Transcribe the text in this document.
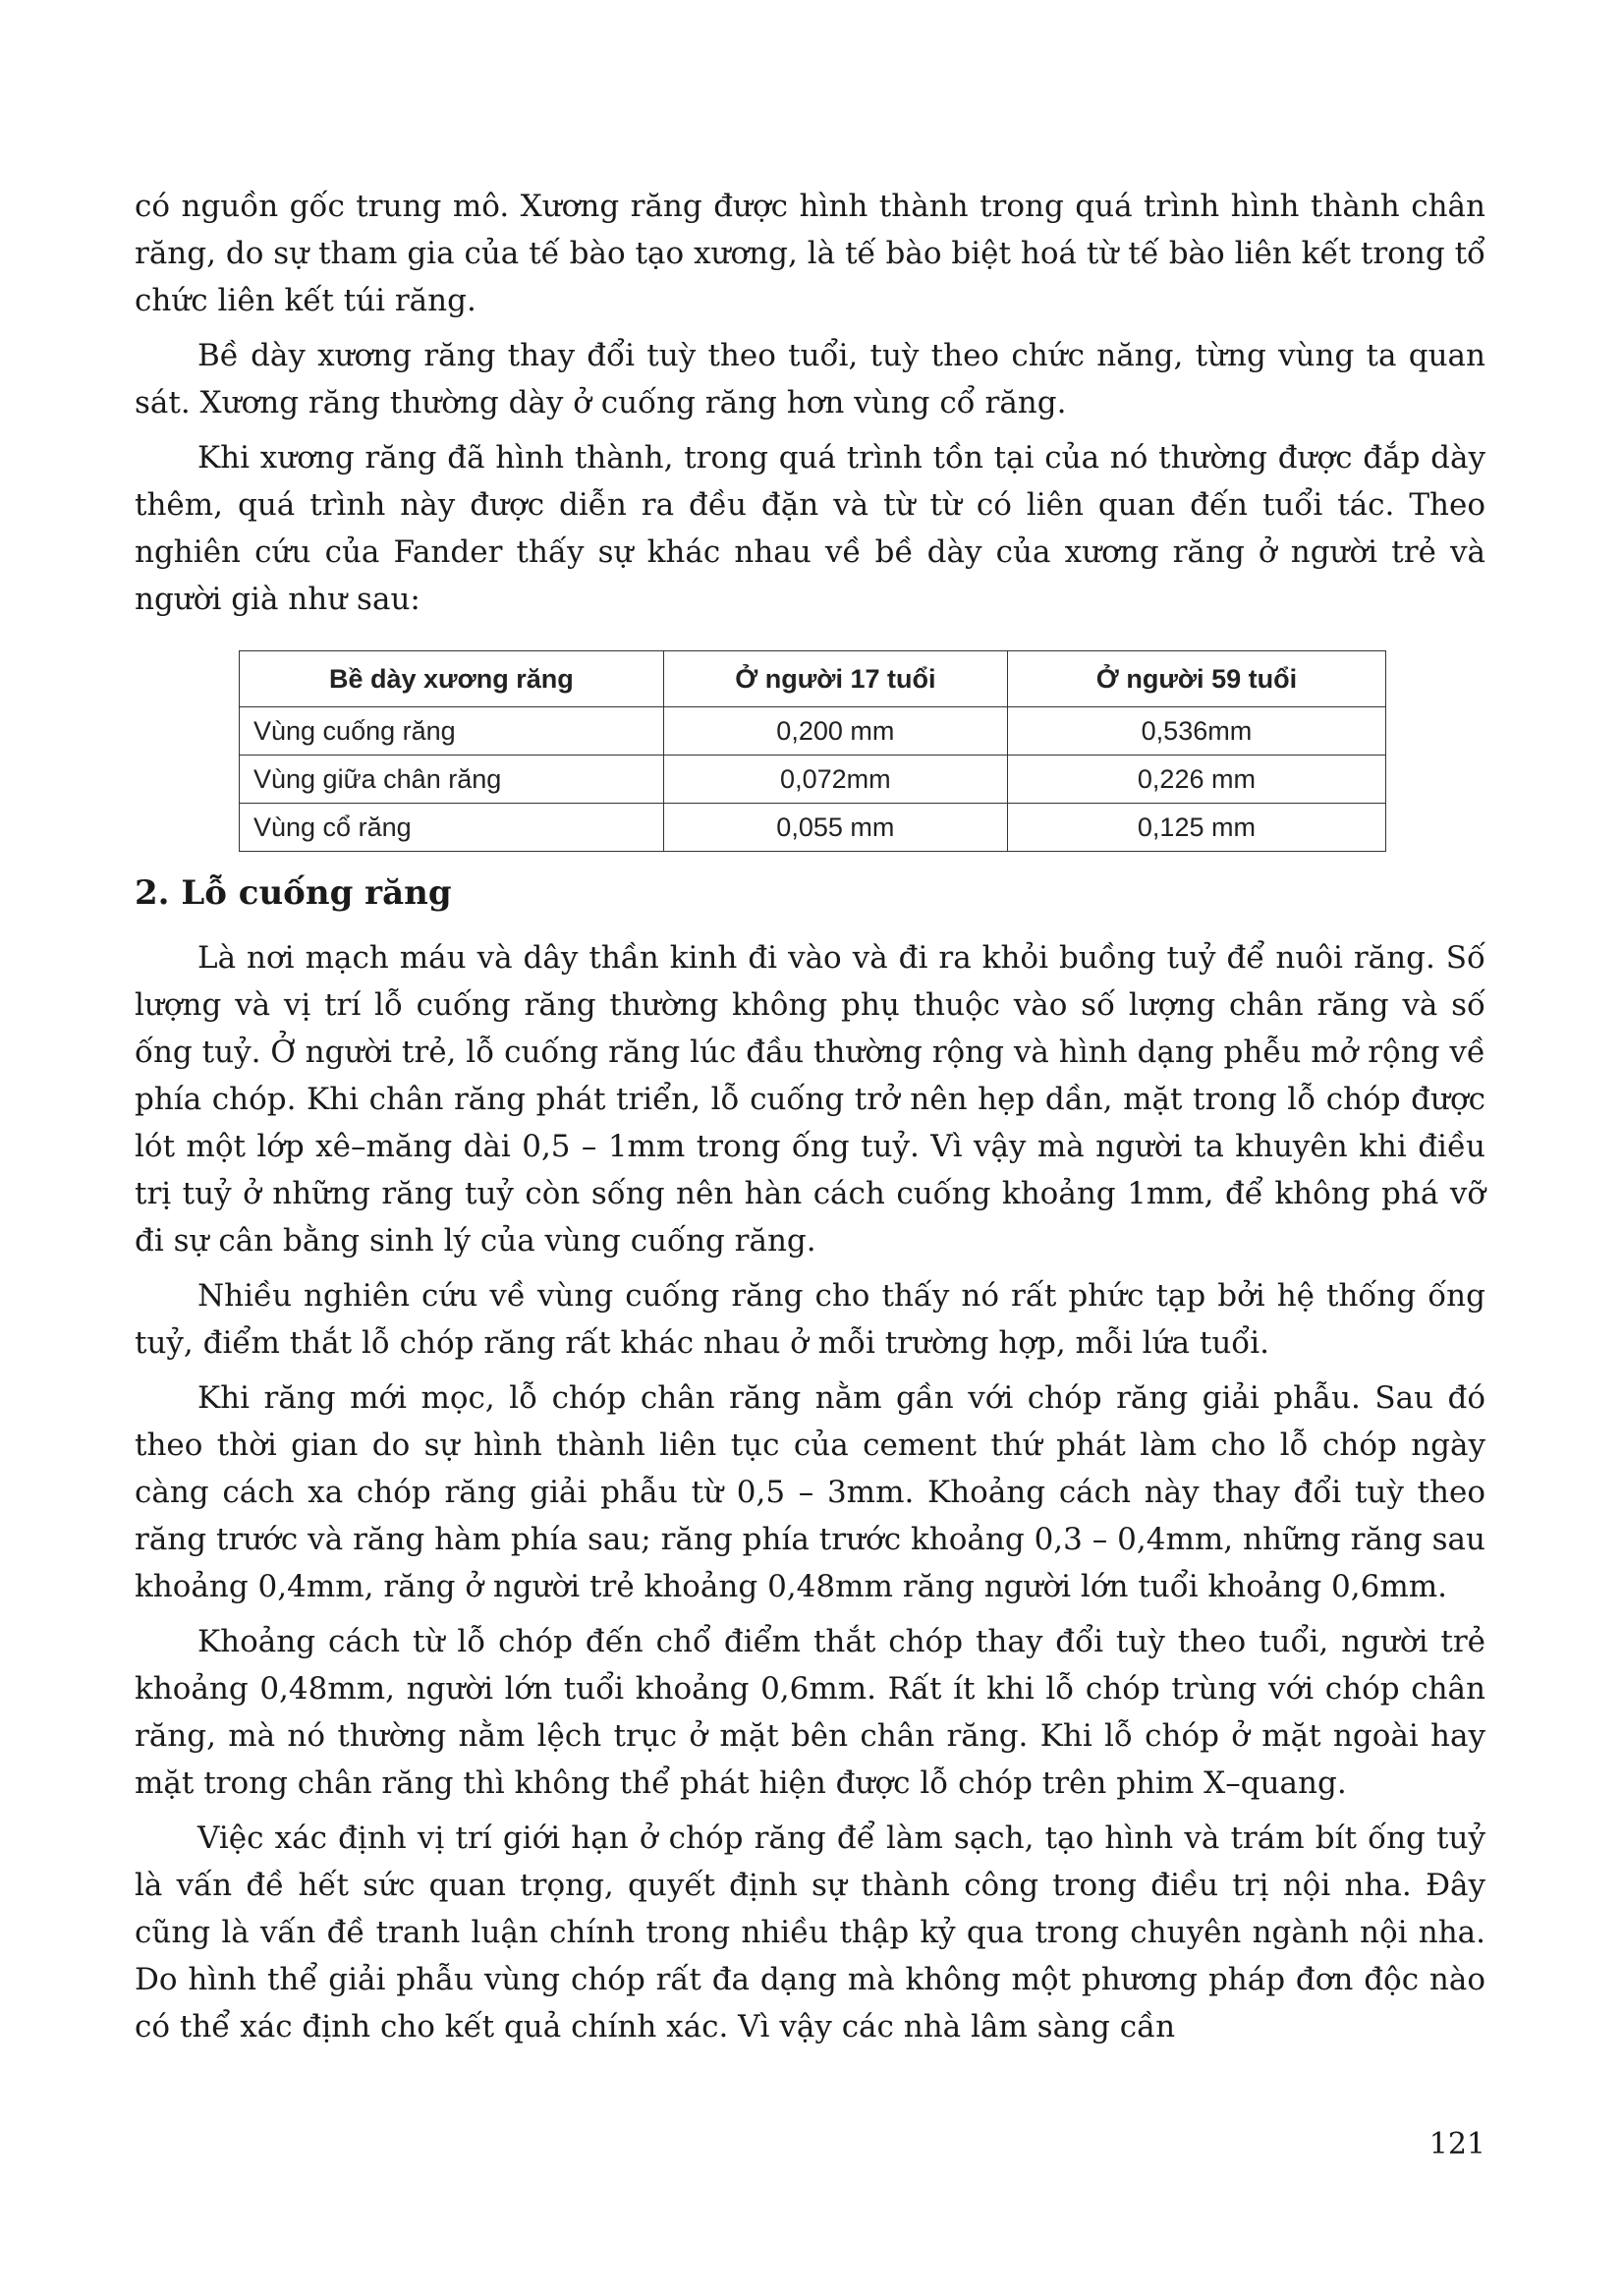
có nguồn gốc trung mô. Xương răng được hình thành trong quá trình hình thành chân răng, do sự tham gia của tế bào tạo xương, là tế bào biệt hoá từ tế bào liên kết trong tổ chức liên kết túi răng.

Bề dày xương răng thay đổi tuỳ theo tuổi, tuỳ theo chức năng, từng vùng ta quan sát. Xương răng thường dày ở cuống răng hơn vùng cổ răng.

Khi xương răng đã hình thành, trong quá trình tồn tại của nó thường được đắp dày thêm, quá trình này được diễn ra đều đặn và từ từ có liên quan đến tuổi tác. Theo nghiên cứu của Fander thấy sự khác nhau về bề dày của xương răng ở người trẻ và người già như sau:

Bề dày xương răng	Ở người 17 tuổi	Ở người 59 tuổi
Vùng cuống răng	0,200 mm	0,536mm
Vùng giữa chân răng	0,072mm	0,226 mm
Vùng cổ răng	0,055 mm	0,125 mm
2. Lỗ cuống răng

Là nơi mạch máu và dây thần kinh đi vào và đi ra khỏi buồng tuỷ để nuôi răng. Số lượng và vị trí lỗ cuống răng thường không phụ thuộc vào số lượng chân răng và số ống tuỷ. Ở người trẻ, lỗ cuống răng lúc đầu thường rộng và hình dạng phễu mở rộng về phía chóp. Khi chân răng phát triển, lỗ cuống trở nên hẹp dần, mặt trong lỗ chóp được lót một lớp xê–măng dài 0,5 – 1mm trong ống tuỷ. Vì vậy mà người ta khuyên khi điều trị tuỷ ở những răng tuỷ còn sống nên hàn cách cuống khoảng 1mm, để không phá vỡ đi sự cân bằng sinh lý của vùng cuống răng.

Nhiều nghiên cứu về vùng cuống răng cho thấy nó rất phức tạp bởi hệ thống ống tuỷ, điểm thắt lỗ chóp răng rất khác nhau ở mỗi trường hợp, mỗi lứa tuổi.

Khi răng mới mọc, lỗ chóp chân răng nằm gần với chóp răng giải phẫu. Sau đó theo thời gian do sự hình thành liên tục của cement thứ phát làm cho lỗ chóp ngày càng cách xa chóp răng giải phẫu từ 0,5 – 3mm. Khoảng cách này thay đổi tuỳ theo răng trước và răng hàm phía sau; răng phía trước khoảng 0,3 – 0,4mm, những răng sau khoảng 0,4mm, răng ở người trẻ khoảng 0,48mm răng người lớn tuổi khoảng 0,6mm.

Khoảng cách từ lỗ chóp đến chổ điểm thắt chóp thay đổi tuỳ theo tuổi, người trẻ khoảng 0,48mm, người lớn tuổi khoảng 0,6mm. Rất ít khi lỗ chóp trùng với chóp chân răng, mà nó thường nằm lệch trục ở mặt bên chân răng. Khi lỗ chóp ở mặt ngoài hay mặt trong chân răng thì không thể phát hiện được lỗ chóp trên phim X–quang.

Việc xác định vị trí giới hạn ở chóp răng để làm sạch, tạo hình và trám bít ống tuỷ là vấn đề hết sức quan trọng, quyết định sự thành công trong điều trị nội nha. Đây cũng là vấn đề tranh luận chính trong nhiều thập kỷ qua trong chuyên ngành nội nha. Do hình thể giải phẫu vùng chóp rất đa dạng mà không một phương pháp đơn độc nào có thể xác định cho kết quả chính xác. Vì vậy các nhà lâm sàng cần

121
